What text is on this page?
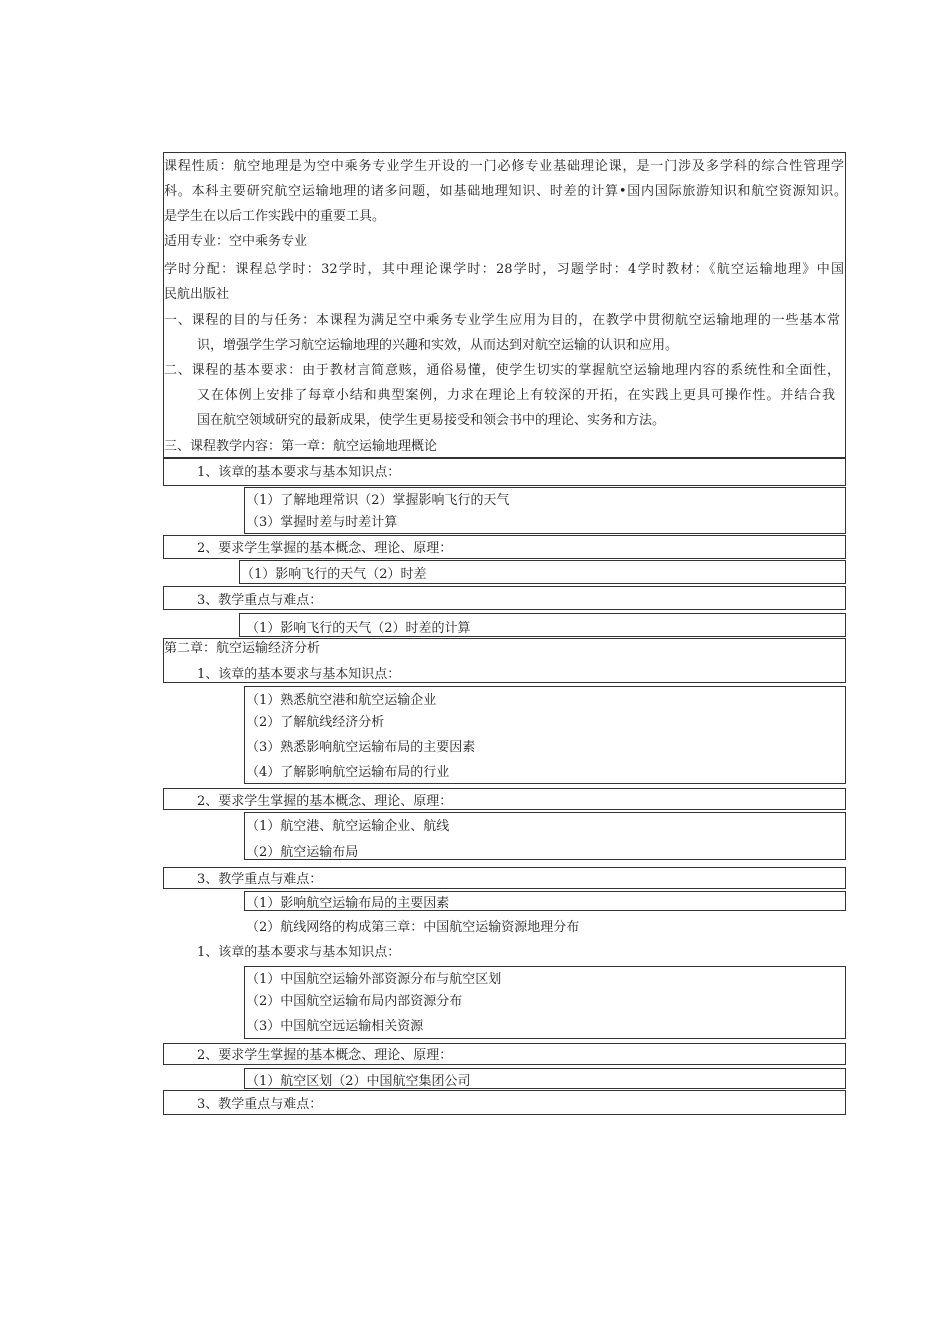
课程性质：航空地理是为空中乘务专业学生开设的一门必修专业基础理论课，是一门涉及多学科的综合性管理学
科。本科主要研究航空运输地理的诸多问题，如基础地理知识、时差的计算•国内国际旅游知识和航空资源知识。
是学生在以后工作实践中的重要工具。
适用专业：空中乘务专业
学时分配：课程总学时：32学时，其中理论课学时：28学时，习题学时：4学时教材：《航空运输地理》中国
民航出版社
一、课程的目的与任务：本课程为满足空中乘务专业学生应用为目的，在教学中贯彻航空运输地理的一些基本常
识，增强学生学习航空运输地理的兴趣和实效，从而达到对航空运输的认识和应用。
二、课程的基本要求：由于教材言简意赅，通俗易懂，使学生切实的掌握航空运输地理内容的系统性和全面性，
又在体例上安排了每章小结和典型案例，力求在理论上有较深的开拓，在实践上更具可操作性。并结合我
国在航空领域研究的最新成果，使学生更易接受和领会书中的理论、实务和方法。
三、课程教学内容：第一章：航空运输地理概论
1、该章的基本要求与基本知识点：
（1）了解地理常识（2）掌握影响飞行的天气
（3）掌握时差与时差计算
2、要求学生掌握的基本概念、理论、原理：
（1）影响飞行的天气（2）时差
3、教学重点与难点：
（1）影响飞行的天气（2）时差的计算
第二章：航空运输经济分析
1、该章的基本要求与基本知识点：
（1）熟悉航空港和航空运输企业
（2）了解航线经济分析
（3）熟悉影响航空运输布局的主要因素
（4）了解影响航空运输布局的行业
2、要求学生掌握的基本概念、理论、原理：
（1）航空港、航空运输企业、航线
（2）航空运输布局
3、教学重点与难点：
（1）影响航空运输布局的主要因素
（2）航线网络的构成第三章：中国航空运输资源地理分布
1、该章的基本要求与基本知识点：
（1）中国航空运输外部资源分布与航空区划
（2）中国航空运输布局内部资源分布
（3）中国航空远运输相关资源
2、要求学生掌握的基本概念、理论、原理：
（1）航空区划（2）中国航空集团公司
3、教学重点与难点：
